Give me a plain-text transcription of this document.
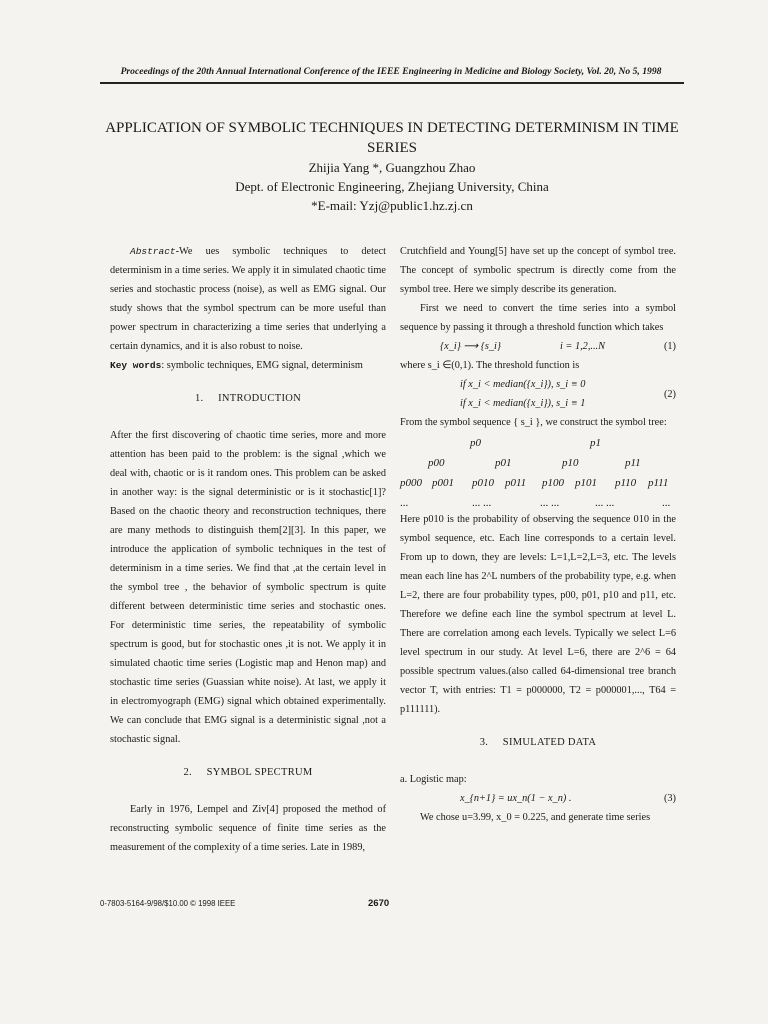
Proceedings of the 20th Annual International Conference of the IEEE Engineering in Medicine and Biology Society, Vol. 20, No 5, 1998
APPLICATION OF SYMBOLIC TECHNIQUES IN DETECTING DETERMINISM IN TIME SERIES
Zhijia Yang *, Guangzhou Zhao
Dept. of Electronic Engineering, Zhejiang University, China
*E-mail: Yzj@public1.hz.zj.cn

Abstract-We ues symbolic techniques to detect determinism in a time series. We apply it in simulated chaotic time series and stochastic process (noise), as well as EMG signal. Our study shows that the symbol spectrum can be more useful than power spectrum in characterizing a time series that underlying a certain dynamics, and it is also robust to noise.

Key words: symbolic techniques, EMG signal, determinism

1.     INTRODUCTION

After the first discovering of chaotic time series, more and more attention has been paid to the problem: is the signal ,which we deal with, chaotic or is it random ones. This problem can be asked in another way: is the signal deterministic or is it stochastic[1]? Based on the chaotic theory and reconstruction techniques, there are many methods to distinguish them[2][3]. In this paper, we introduce the application of symbolic techniques in the test of determinism in a time series. We find that ,at the certain level in the symbol tree , the behavior of symbolic spectrum is quite different between deterministic time series and stochastic ones. For deterministic time series, the repeatability of symbolic spectrum is good, but for stochastic ones ,it is not. We apply it in simulated chaotic time series (Logistic map and Henon map) and stochastic time series (Guassian white noise). At last, we apply it in electromyograph (EMG) signal which obtained experimentally. We can conclude that EMG signal is a deterministic signal ,not a stochastic signal.

2.     SYMBOL SPECTRUM

Early in 1976, Lempel and Ziv[4] proposed the method of reconstructing symbolic sequence of finite time series as the measurement of the complexity of a time series. Late in 1989,

Crutchfield and Young[5] have set up the concept of symbol tree. The concept of symbolic spectrum is directly come from the symbol tree. Here we simply describe its generation.

First we need to convert the time series into a symbol sequence by passing it through a threshold function which takes

{x_i} ⟶ {s_i}	i = 1,2,...N	(1)

where s_i ∈(0,1). The threshold function is

if x_i < median({x_i}), s_i ≡ 0
if x_i < median({x_i}), s_i ≡ 1
(2)

From the symbol sequence { s_i }, we construct the symbol tree:

p0	p1
p00	p01	p10	p11
p000 p001 p010 p011 p100 p101 p110 p111
...	... ...	... ...	... ...	...

Here p010 is the probability of observing the sequence 010 in the symbol sequence, etc. Each line corresponds to a certain level. From up to down, they are levels: L=1,L=2,L=3, etc. The levels mean each line has 2^L numbers of the probability type, e.g. when L=2, there are four probability types, p00, p01, p10 and p11, etc. Therefore we define each line the symbol spectrum at level L. There are correlation among each levels. Typically we select L=6 level spectrum in our study. At level L=6, there are 2^6 = 64 possible spectrum values.(also called 64-dimensional tree branch vector T, with entries: T1 = p000000, T2 = p000001,..., T64 = p111111).

3.     SIMULATED DATA

a. Logistic map:

x_{n+1} = ux_n(1 − x_n) .	(3)

We chose u=3.99, x_0 = 0.225, and generate time series

0-7803-5164-9/98/$10.00 © 1998 IEEE	2670
